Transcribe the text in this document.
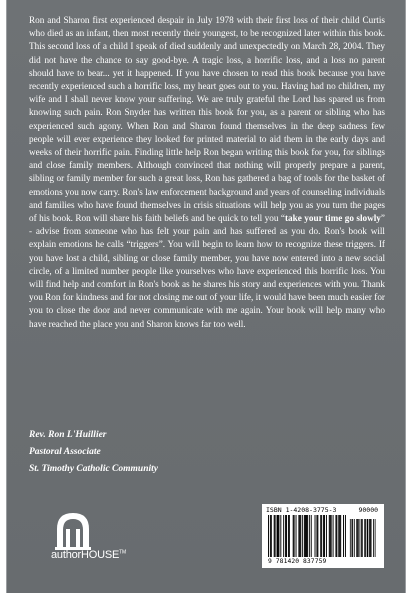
Ron and Sharon first experienced despair in July 1978 with their first loss of their child Curtis who died as an infant, then most recently their youngest, to be recognized later within this book. This second loss of a child I speak of died suddenly and unexpectedly on March 28, 2004. They did not have the chance to say good-bye. A tragic loss, a horrific loss, and a loss no parent should have to bear... yet it happened. If you have chosen to read this book because you have recently experienced such a horrific loss, my heart goes out to you. Having had no children, my wife and I shall never know your suffering. We are truly grateful the Lord has spared us from knowing such pain. Ron Snyder has written this book for you, as a parent or sibling who has experienced such agony. When Ron and Sharon found themselves in the deep sadness few people will ever experience they looked for printed material to aid them in the early days and weeks of their horrific pain. Finding little help Ron began writing this book for you, for siblings and close family members. Although convinced that nothing will properly prepare a parent, sibling or family member for such a great loss, Ron has gathered a bag of tools for the basket of emotions you now carry. Ron's law enforcement background and years of counseling individuals and families who have found themselves in crisis situations will help you as you turn the pages of his book. Ron will share his faith beliefs and be quick to tell you “take your time go slowly” - advise from someone who has felt your pain and has suffered as you do. Ron's book will explain emotions he calls “triggers”. You will begin to learn how to recognize these triggers. If you have lost a child, sibling or close family member, you have now entered into a new social circle, of a limited number people like yourselves who have experienced this horrific loss. You will find help and comfort in Ron's book as he shares his story and experiences with you. Thank you Ron for kindness and for not closing me out of your life, it would have been much easier for you to close the door and never communicate with me again. Your book will help many who have reached the place you and Sharon knows far too well.

Rev. Ron L'Huillier
Pastoral Associate
St. Timothy Catholic Community
authorHOUSE™
ISBN 1-4208-3775-3	90000
9 781420 837759
